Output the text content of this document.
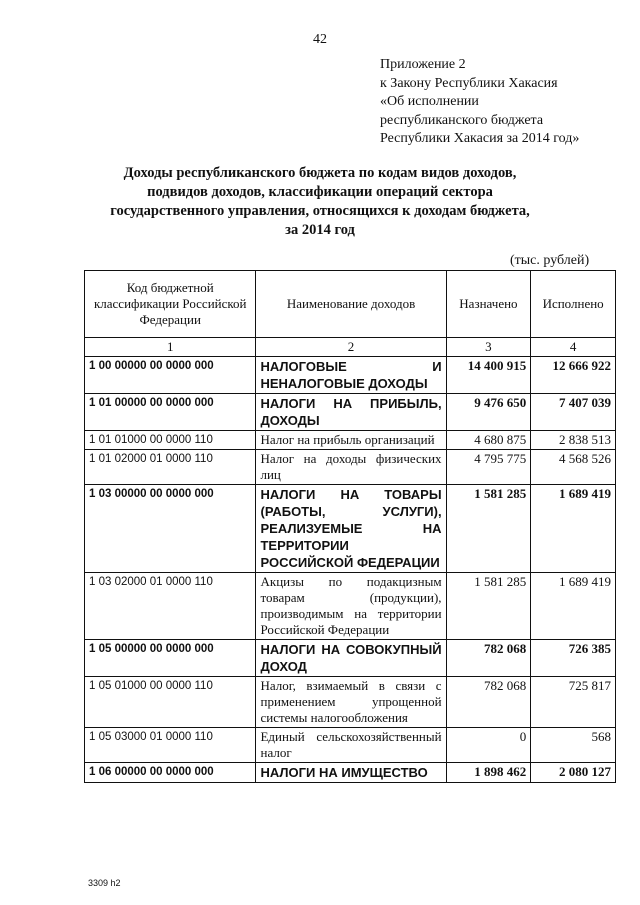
42
Приложение 2
к Закону Республики Хакасия
«Об исполнении
республиканского бюджета
Республики Хакасия за 2014 год»
Доходы республиканского бюджета по кодам видов доходов,
подвидов доходов, классификации операций сектора
государственного управления, относящихся к доходам бюджета,
за 2014 год
(тыс. рублей)
Код бюджетной классификации Российской Федерации	Наименование доходов	Назначено	Исполнено
1	2	3	4
1 00 00000 00 0000 000	НАЛОГОВЫЕ И НЕНАЛОГОВЫЕ ДОХОДЫ	14 400 915	12 666 922
1 01 00000 00 0000 000	НАЛОГИ НА ПРИБЫЛЬ, ДОХОДЫ	9 476 650	7 407 039
1 01 01000 00 0000 110	Налог на прибыль организаций	4 680 875	2 838 513
1 01 02000 01 0000 110	Налог на доходы физических лиц	4 795 775	4 568 526
1 03 00000 00 0000 000	НАЛОГИ НА ТОВАРЫ (РАБОТЫ, УСЛУГИ), РЕАЛИЗУЕМЫЕ НА ТЕРРИТОРИИ РОССИЙСКОЙ ФЕДЕРАЦИИ	1 581 285	1 689 419
1 03 02000 01 0000 110	Акцизы по подакцизным товарам (продукции), производимым на территории Российской Федерации	1 581 285	1 689 419
1 05 00000 00 0000 000	НАЛОГИ НА СОВОКУПНЫЙ ДОХОД	782 068	726 385
1 05 01000 00 0000 110	Налог, взимаемый в связи с применением упрощенной системы налогообложения	782 068	725 817
1 05 03000 01 0000 110	Единый сельскохозяйственный налог	0	568
1 06 00000 00 0000 000	НАЛОГИ НА ИМУЩЕСТВО	1 898 462	2 080 127
3309 h2
